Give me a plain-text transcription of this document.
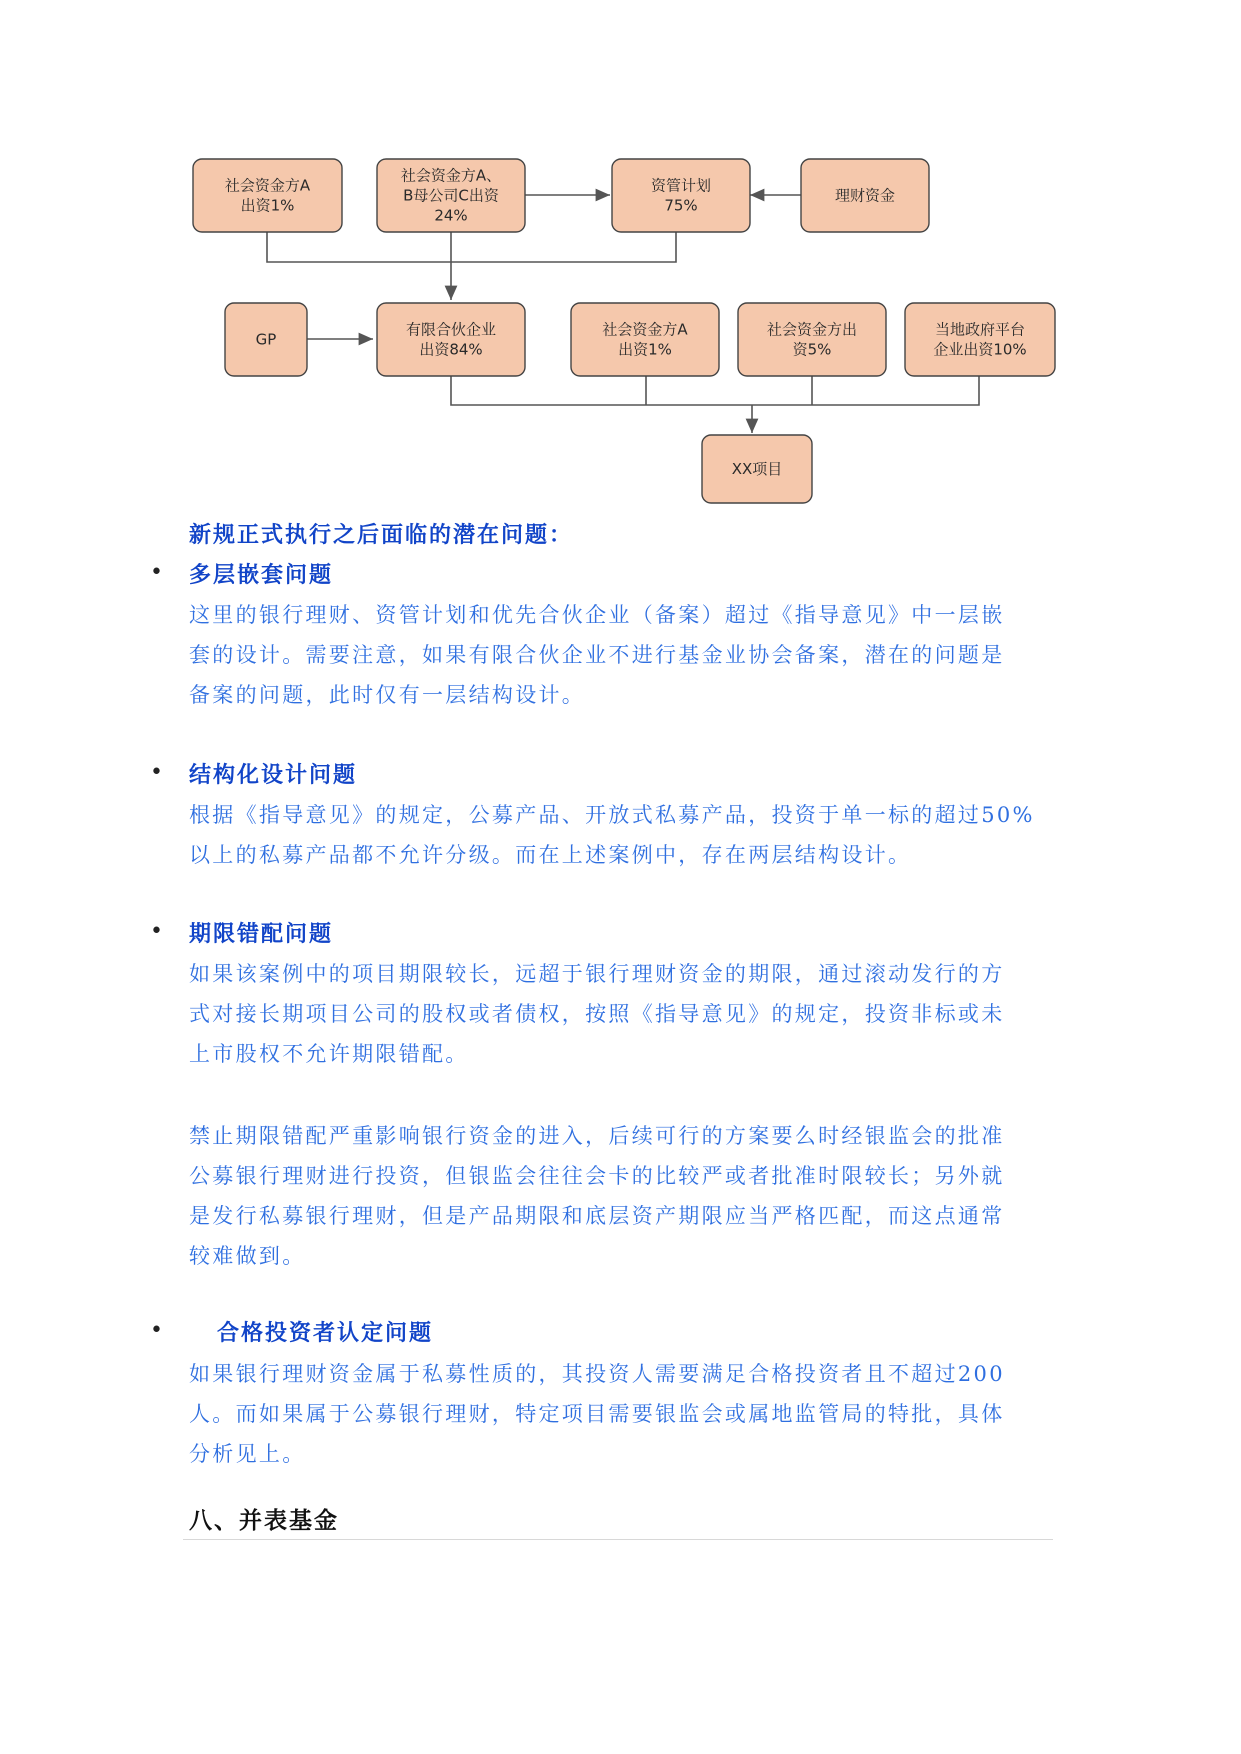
社会资金方A
出资1%
社会资金方A、
B母公司C出资
24%
资管计划
75%
理财资金
GP
有限合伙企业
出资84%
社会资金方A
出资1%
社会资金方出
资5%
当地政府平台
企业出资10%
XX项目
新规正式执行之后面临的潜在问题：
• 多层嵌套问题
这里的银行理财、资管计划和优先合伙企业（备案）超过《指导意见》中一层嵌
套的设计。需要注意，如果有限合伙企业不进行基金业协会备案，潜在的问题是
备案的问题，此时仅有一层结构设计。
• 结构化设计问题
根据《指导意见》的规定，公募产品、开放式私募产品，投资于单一标的超过50%
以上的私募产品都不允许分级。而在上述案例中，存在两层结构设计。
• 期限错配问题
如果该案例中的项目期限较长，远超于银行理财资金的期限，通过滚动发行的方
式对接长期项目公司的股权或者债权，按照《指导意见》的规定，投资非标或未
上市股权不允许期限错配。
禁止期限错配严重影响银行资金的进入，后续可行的方案要么时经银监会的批准
公募银行理财进行投资，但银监会往往会卡的比较严或者批准时限较长；另外就
是发行私募银行理财，但是产品期限和底层资产期限应当严格匹配，而这点通常
较难做到。
• 合格投资者认定问题
如果银行理财资金属于私募性质的，其投资人需要满足合格投资者且不超过200
人。而如果属于公募银行理财，特定项目需要银监会或属地监管局的特批，具体
分析见上。
八、并表基金
